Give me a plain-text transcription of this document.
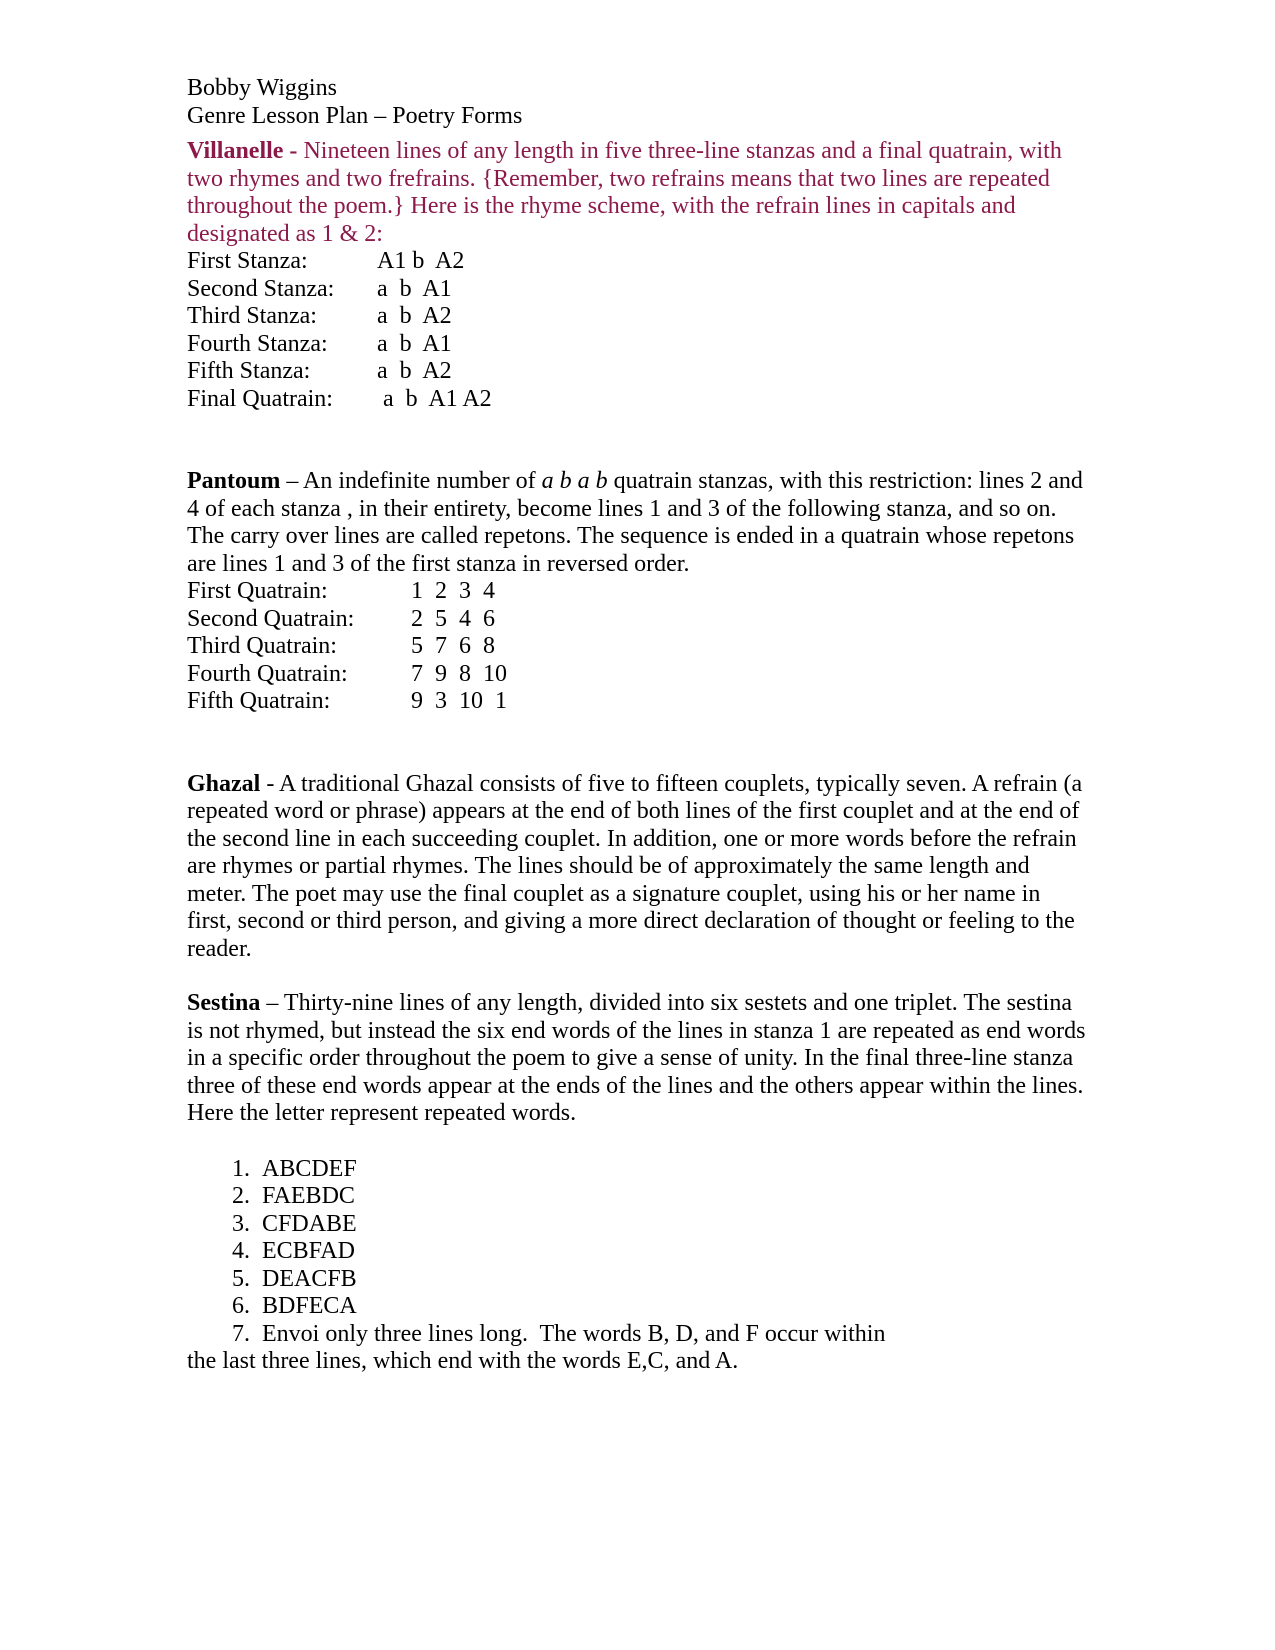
Bobby Wiggins

Genre Lesson Plan – Poetry Forms

Villanelle - Nineteen lines of any length in five three-line stanzas and a final quatrain, with two rhymes and two frefrains. {Remember, two refrains means that two lines are repeated throughout the poem.} Here is the rhyme scheme, with the refrain lines in capitals and designated as 1 & 2:

First Stanza:	A1 b  A2
Second Stanza:	a  b  A1
Third Stanza:	a  b  A2
Fourth Stanza:	a  b  A1
Fifth Stanza:	a  b  A2
Final Quatrain:	a  b  A1 A2

Pantoum – An indefinite number of a b a b quatrain stanzas, with this restriction: lines 2 and 4 of each stanza , in their entirety, become lines 1 and 3 of the following stanza, and so on. The carry over lines are called repetons. The sequence is ended in a quatrain whose repetons are lines 1 and 3 of the first stanza in reversed order.

First Quatrain:	1  2  3  4
Second Quatrain:	2  5  4  6
Third Quatrain:	5  7  6  8
Fourth Quatrain:	7  9  8  10
Fifth Quatrain:	9  3  10  1

Ghazal - A traditional Ghazal consists of five to fifteen couplets, typically seven. A refrain (a repeated word or phrase) appears at the end of both lines of the first couplet and at the end of the second line in each succeeding couplet. In addition, one or more words before the refrain are rhymes or partial rhymes. The lines should be of approximately the same length and meter. The poet may use the final couplet as a signature couplet, using his or her name in first, second or third person, and giving a more direct declaration of thought or feeling to the reader.

Sestina – Thirty-nine lines of any length, divided into six sestets and one triplet. The sestina is not rhymed, but instead the six end words of the lines in stanza 1 are repeated as end words in a specific order throughout the poem to give a sense of unity. In the final three-line stanza three of these end words appear at the ends of the lines and the others appear within the lines. Here the letter represent repeated words.

1. ABCDEF
2. FAEBDC
3. CFDABE
4. ECBFAD
5. DEACFB
6. BDFECA
7. Envoi only three lines long.  The words B, D, and F occur within

the last three lines, which end with the words E,C, and A.
